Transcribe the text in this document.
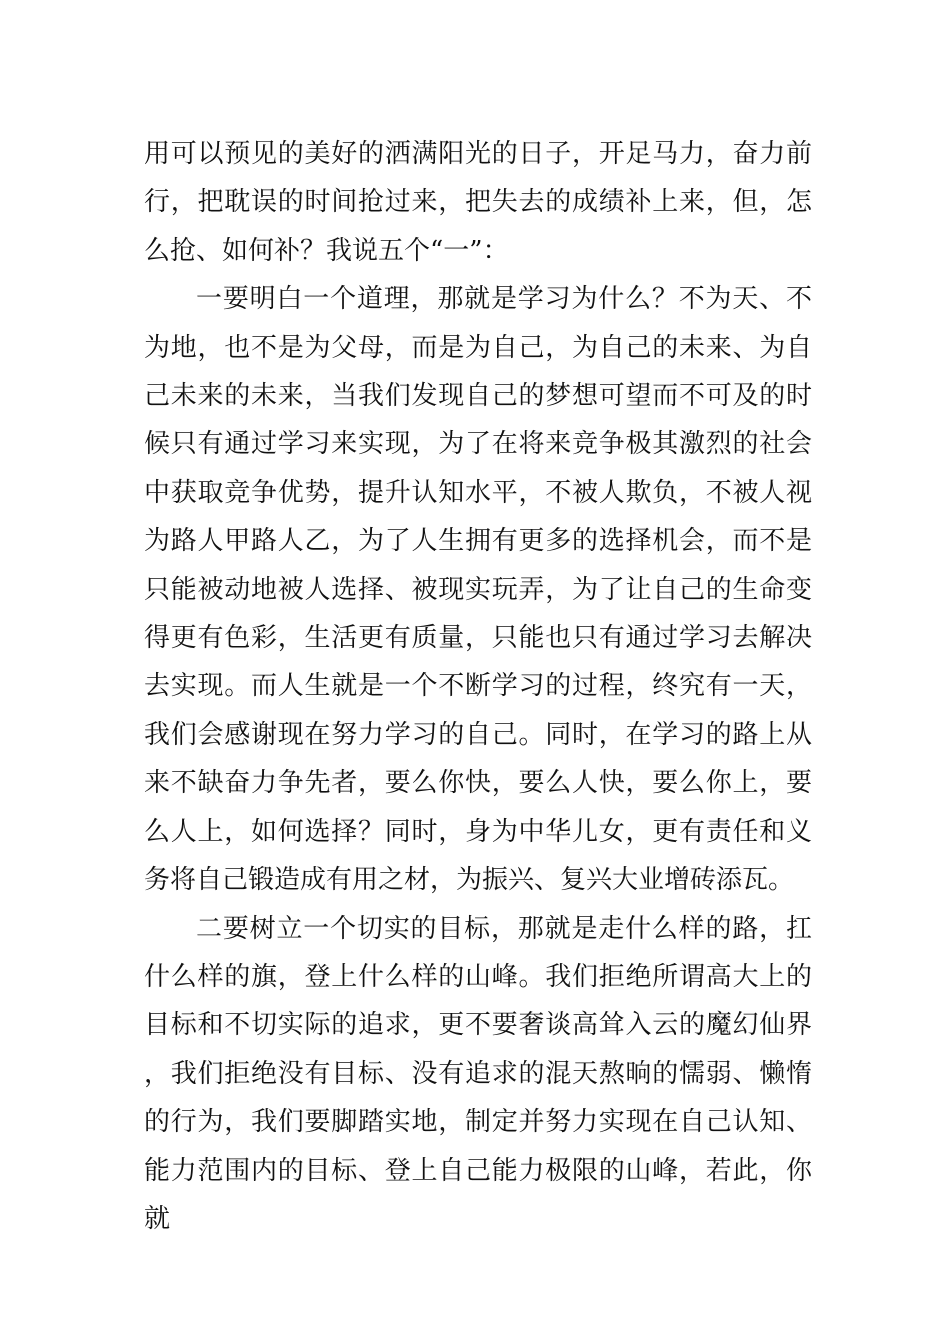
用可以预见的美好的洒满阳光的日子，开足马力，奋力前行，把耽误的时间抢过来，把失去的成绩补上来，但，怎么抢、如何补？我说五个“一”：

一要明白一个道理，那就是学习为什么？不为天、不为地，也不是为父母，而是为自己，为自己的未来、为自己未来的未来，当我们发现自己的梦想可望而不可及的时候只有通过学习来实现，为了在将来竞争极其激烈的社会中获取竞争优势，提升认知水平，不被人欺负，不被人视为路人甲路人乙，为了人生拥有更多的选择机会，而不是只能被动地被人选择、被现实玩弄，为了让自己的生命变得更有色彩，生活更有质量，只能也只有通过学习去解决去实现。而人生就是一个不断学习的过程，终究有一天，我们会感谢现在努力学习的自己。同时，在学习的路上从来不缺奋力争先者，要么你快，要么人快，要么你上，要么人上，如何选择？同时，身为中华儿女，更有责任和义务将自己锻造成有用之材，为振兴、复兴大业增砖添瓦。

二要树立一个切实的目标，那就是走什么样的路，扛什么样的旗，登上什么样的山峰。我们拒绝所谓高大上的目标和不切实际的追求，更不要奢谈高耸入云的魔幻仙界，我们拒绝没有目标、没有追求的混天熬晌的懦弱、懒惰的行为，我们要脚踏实地，制定并努力实现在自己认知、能力范围内的目标、登上自己能力极限的山峰，若此，你就
